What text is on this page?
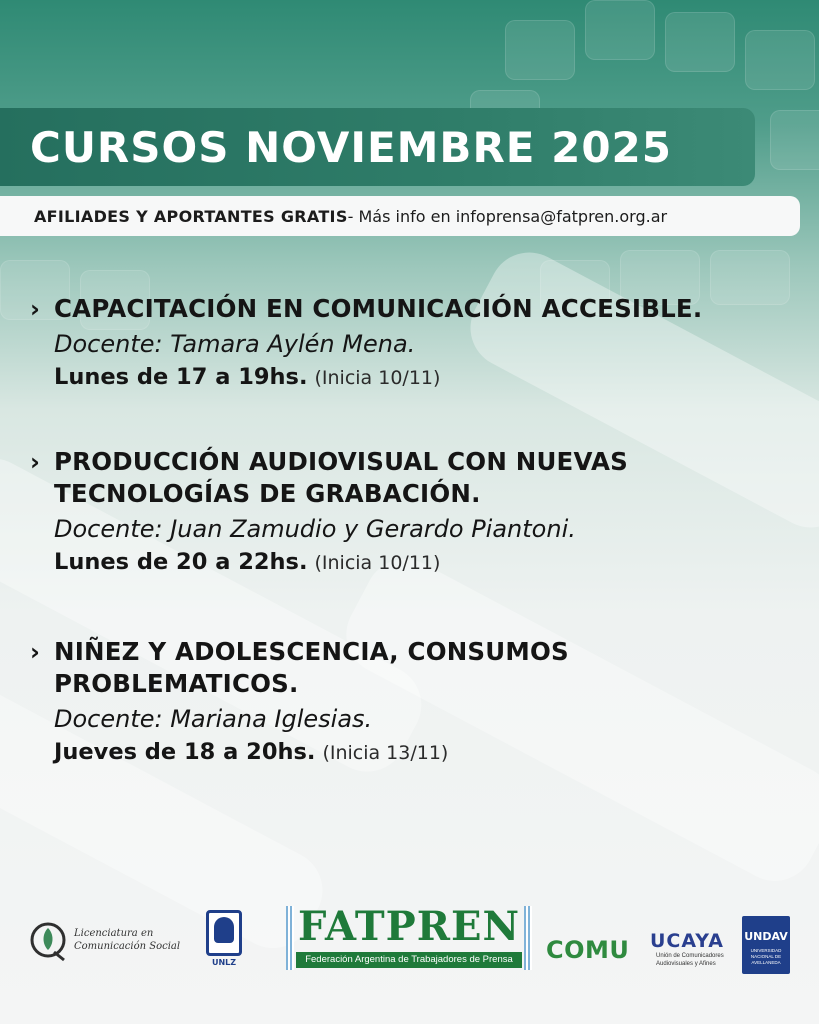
CURSOS NOVIEMBRE 2025
AFILIADES Y APORTANTES GRATIS - Más info en infoprensa@fatpren.org.ar
› CAPACITACIÓN EN COMUNICACIÓN ACCESIBLE.
Docente: Tamara Aylén Mena.
Lunes de 17 a 19hs. (Inicia 10/11)
› PRODUCCIÓN AUDIOVISUAL CON NUEVAS
TECNOLOGÍAS DE GRABACIÓN.
Docente: Juan Zamudio y Gerardo Piantoni.
Lunes de 20 a 22hs. (Inicia 10/11)
› NIÑEZ Y ADOLESCENCIA, CONSUMOS
PROBLEMATICOS.
Docente: Mariana Iglesias.
Jueves de 18 a 20hs. (Inicia 13/11)
Licenciatura en
Comunicación Social
UNLZ
FATPREN
Federación Argentina de Trabajadores de Prensa	COMU	UCAYA
Unión de Comunicadores
Audiovisuales y Afines
UNDAV
UNIVERSIDAD NACIONAL DE AVELLANEDA
